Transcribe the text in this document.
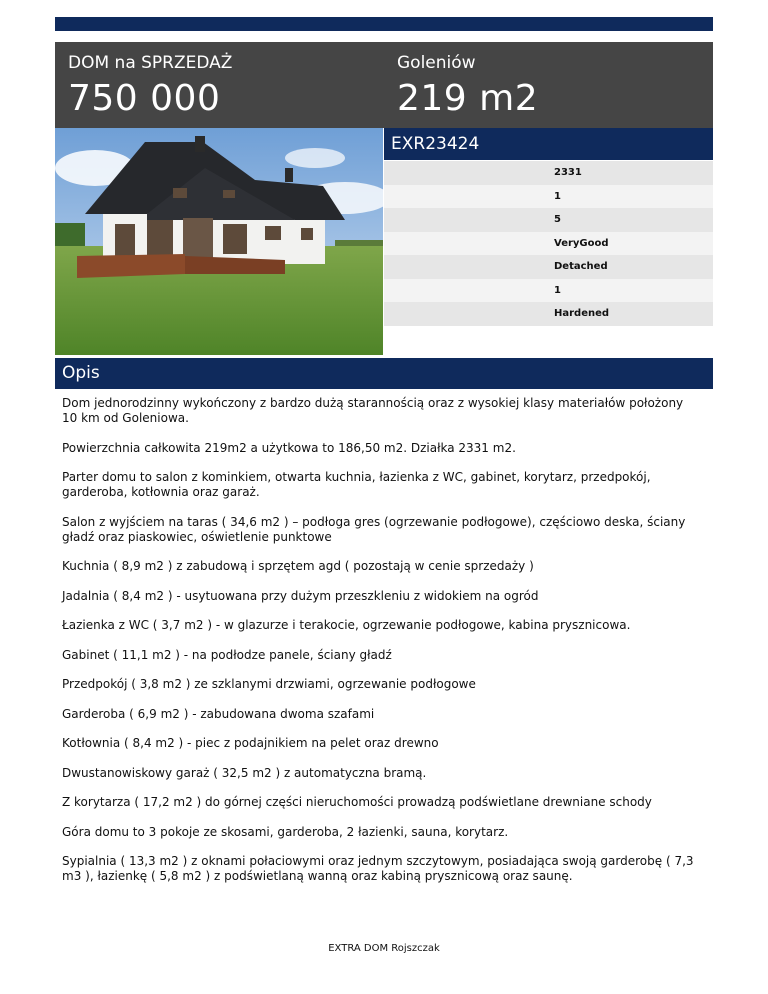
DOM na SPRZEDAŻ
750 000
Goleniów
219 m2
EXR23424
2331
1
5
VeryGood
Detached
1
Hardened
Opis

Dom jednorodzinny wykończony z bardzo dużą starannością oraz z wysokiej klasy materiałów położony 10 km od Goleniowa.

Powierzchnia całkowita 219m2 a użytkowa to 186,50 m2. Działka 2331 m2.

Parter domu to salon z kominkiem, otwarta kuchnia, łazienka z WC, gabinet, korytarz, przedpokój, garderoba, kotłownia oraz garaż.

Salon z wyjściem na taras ( 34,6 m2 ) – podłoga gres (ogrzewanie podłogowe), częściowo deska, ściany gładź oraz piaskowiec, oświetlenie punktowe

Kuchnia ( 8,9 m2 ) z zabudową i sprzętem agd ( pozostają w cenie sprzedaży )

Jadalnia ( 8,4 m2 ) - usytuowana przy dużym przeszkleniu z widokiem na ogród

Łazienka z WC ( 3,7 m2 ) - w glazurze i terakocie, ogrzewanie podłogowe, kabina prysznicowa.

Gabinet ( 11,1 m2 ) - na podłodze panele, ściany gładź

Przedpokój ( 3,8 m2 ) ze szklanymi drzwiami, ogrzewanie podłogowe

Garderoba ( 6,9 m2 ) - zabudowana dwoma szafami

Kotłownia ( 8,4 m2 ) - piec z podajnikiem na pelet oraz drewno

Dwustanowiskowy garaż ( 32,5 m2 ) z automatyczna bramą.

Z korytarza ( 17,2 m2 ) do górnej części nieruchomości prowadzą podświetlane drewniane schody

Góra domu to 3 pokoje ze skosami, garderoba, 2 łazienki, sauna, korytarz.

Sypialnia ( 13,3 m2 ) z oknami połaciowymi oraz jednym szczytowym, posiadająca swoją garderobę ( 7,3 m3 ), łazienkę ( 5,8 m2 ) z podświetlaną wanną oraz kabiną prysznicową oraz saunę.

EXTRA DOM Rojszczak
